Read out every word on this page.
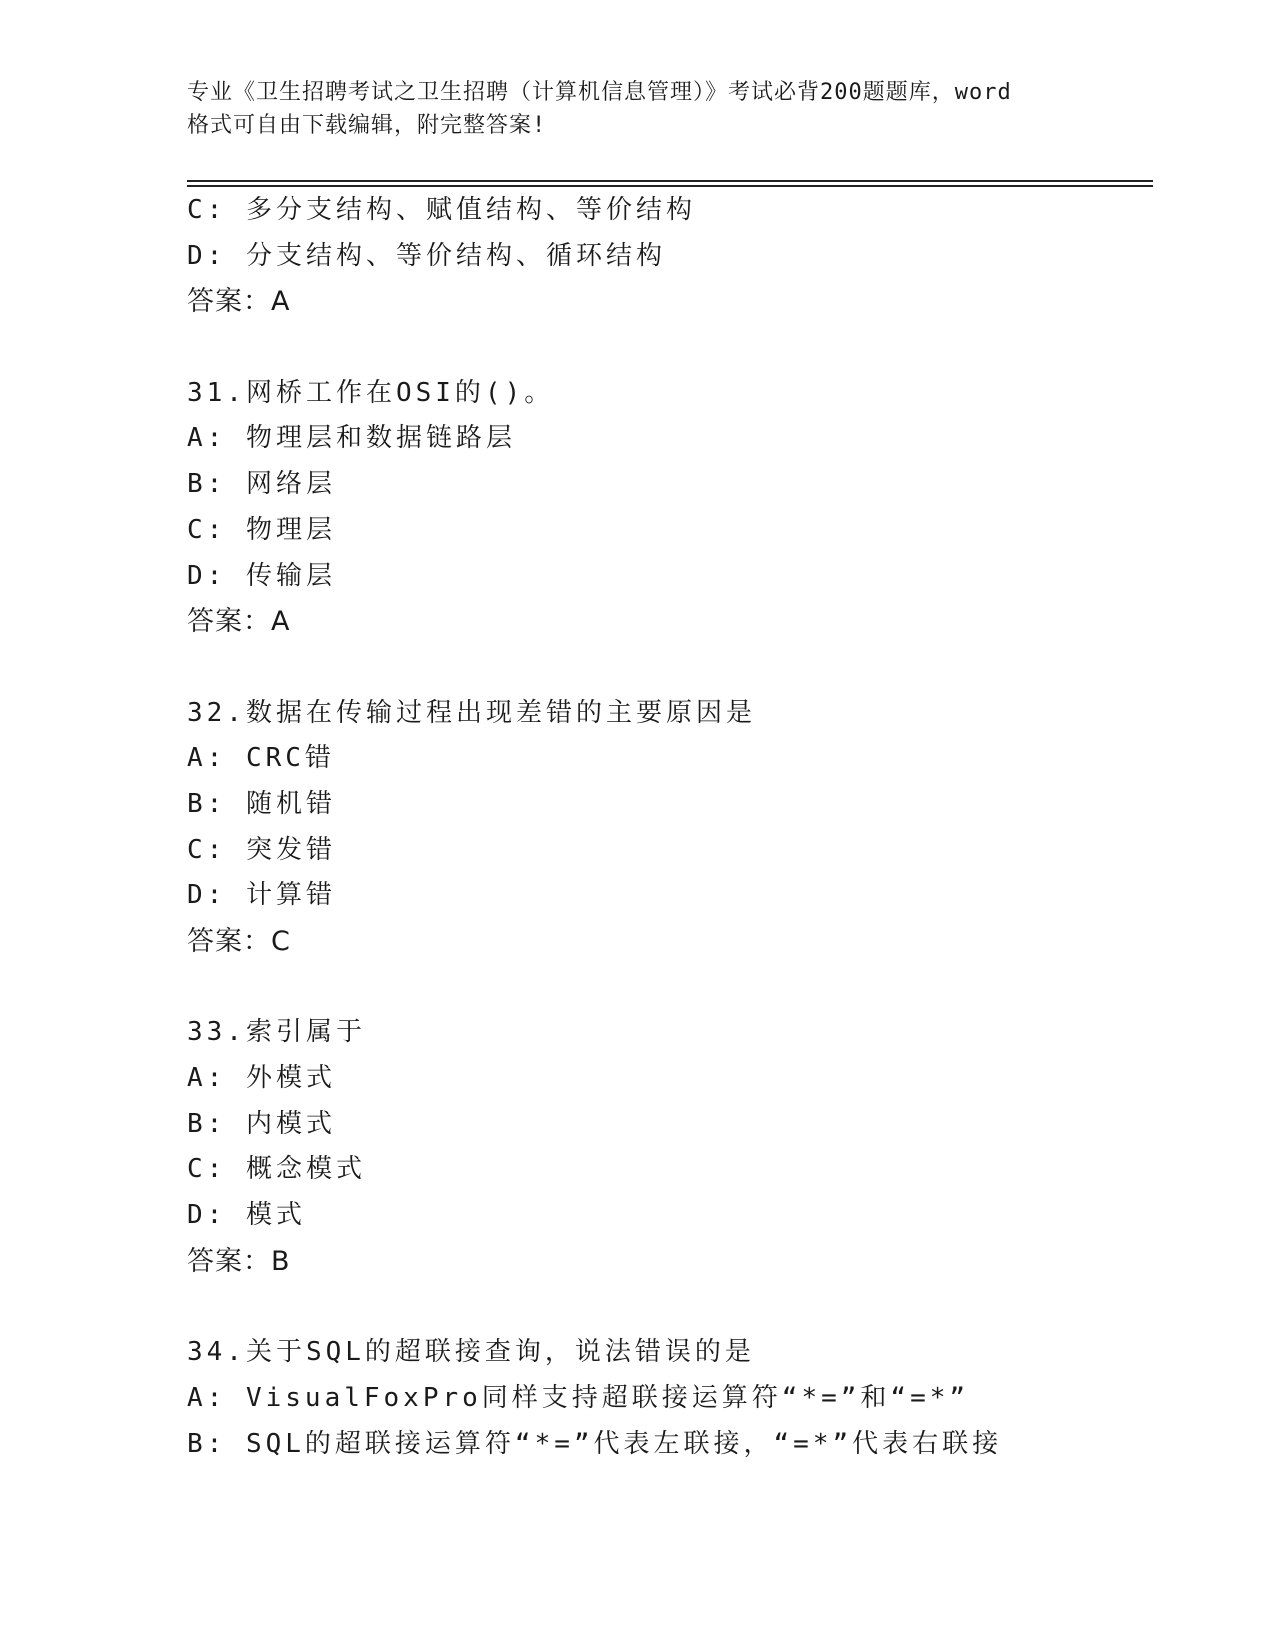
专业《卫生招聘考试之卫生招聘（计算机信息管理）》考试必背200题题库，word
格式可自由下载编辑，附完整答案!
C: 多分支结构、赋值结构、等价结构
D: 分支结构、等价结构、循环结构
答案：A
31.网桥工作在OSI的()。
A: 物理层和数据链路层
B: 网络层
C: 物理层
D: 传输层
答案：A
32.数据在传输过程出现差错的主要原因是
A: CRC错
B: 随机错
C: 突发错
D: 计算错
答案：C
33.索引属于
A: 外模式
B: 内模式
C: 概念模式
D: 模式
答案：B
34.关于SQL的超联接查询，说法错误的是
A: VisualFoxPro同样支持超联接运算符“*=”和“=*”
B: SQL的超联接运算符“*=”代表左联接，“=*”代表右联接
